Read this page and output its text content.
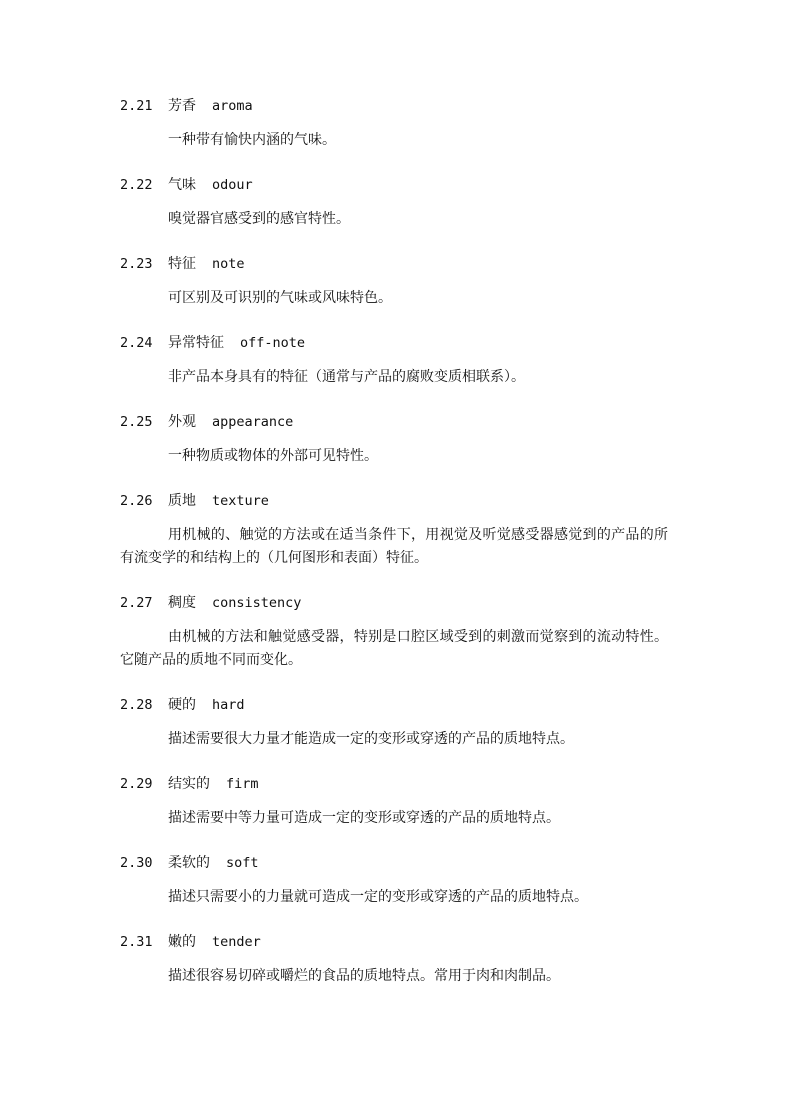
2.21 芳香 aroma

一种带有愉快内涵的气味。

2.22 气味 odour

嗅觉器官感受到的感官特性。

2.23 特征 note

可区别及可识别的气味或风味特色。

2.24 异常特征 off-note

非产品本身具有的特征（通常与产品的腐败变质相联系）。

2.25 外观 appearance

一种物质或物体的外部可见特性。

2.26 质地 texture

用机械的、触觉的方法或在适当条件下，用视觉及听觉感受器感觉到的产品的所有流变学的和结构上的（几何图形和表面）特征。

2.27 稠度 consistency

由机械的方法和触觉感受器，特别是口腔区域受到的刺激而觉察到的流动特性。它随产品的质地不同而变化。

2.28 硬的 hard

描述需要很大力量才能造成一定的变形或穿透的产品的质地特点。

2.29 结实的 firm

描述需要中等力量可造成一定的变形或穿透的产品的质地特点。

2.30 柔软的 soft

描述只需要小的力量就可造成一定的变形或穿透的产品的质地特点。

2.31 嫩的 tender

描述很容易切碎或嚼烂的食品的质地特点。常用于肉和肉制品。
